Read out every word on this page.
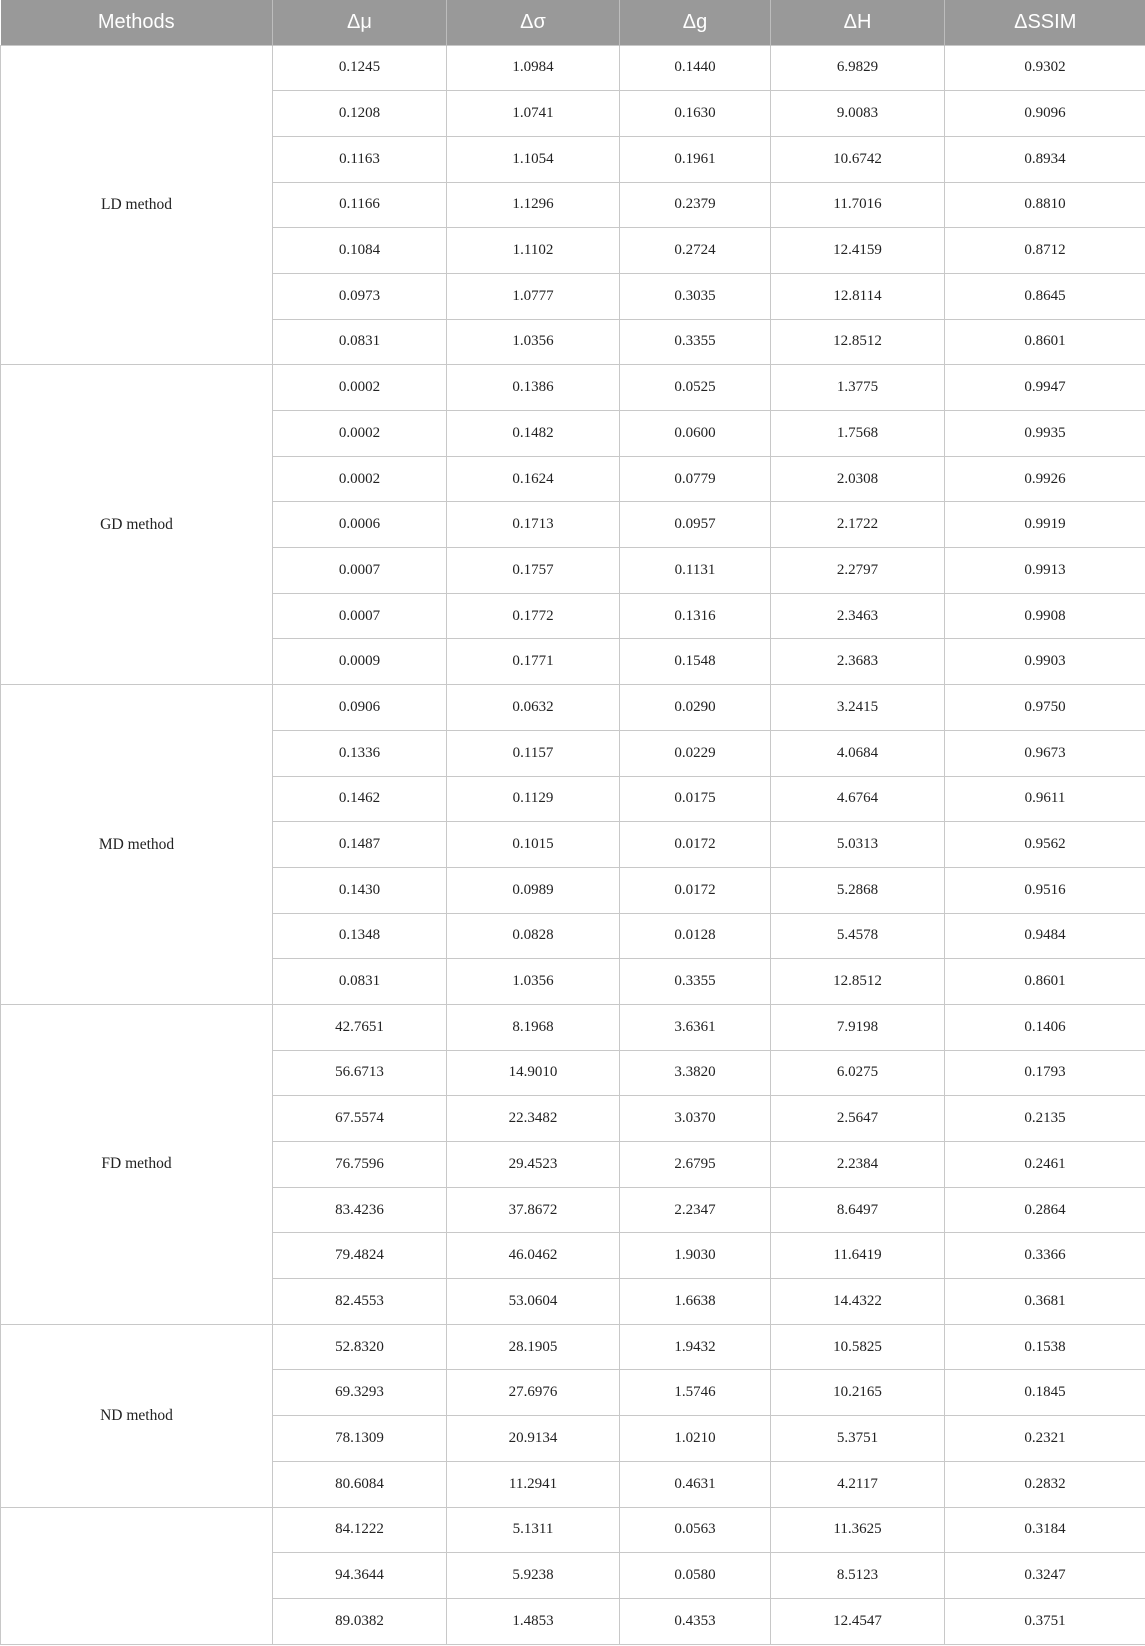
Methods	Δμ	Δσ	Δg	ΔH	ΔSSIM
LD method	0.1245	1.0984	0.1440	6.9829	0.9302
	0.1208	1.0741	0.1630	9.0083	0.9096
	0.1163	1.1054	0.1961	10.6742	0.8934
	0.1166	1.1296	0.2379	11.7016	0.8810
	0.1084	1.1102	0.2724	12.4159	0.8712
	0.0973	1.0777	0.3035	12.8114	0.8645
	0.0831	1.0356	0.3355	12.8512	0.8601
GD method	0.0002	0.1386	0.0525	1.3775	0.9947
	0.0002	0.1482	0.0600	1.7568	0.9935
	0.0002	0.1624	0.0779	2.0308	0.9926
	0.0006	0.1713	0.0957	2.1722	0.9919
	0.0007	0.1757	0.1131	2.2797	0.9913
	0.0007	0.1772	0.1316	2.3463	0.9908
	0.0009	0.1771	0.1548	2.3683	0.9903
MD method	0.0906	0.0632	0.0290	3.2415	0.9750
	0.1336	0.1157	0.0229	4.0684	0.9673
	0.1462	0.1129	0.0175	4.6764	0.9611
	0.1487	0.1015	0.0172	5.0313	0.9562
	0.1430	0.0989	0.0172	5.2868	0.9516
	0.1348	0.0828	0.0128	5.4578	0.9484
	0.0831	1.0356	0.3355	12.8512	0.8601
FD method	42.7651	8.1968	3.6361	7.9198	0.1406
	56.6713	14.9010	3.3820	6.0275	0.1793
	67.5574	22.3482	3.0370	2.5647	0.2135
	76.7596	29.4523	2.6795	2.2384	0.2461
	83.4236	37.8672	2.2347	8.6497	0.2864
	79.4824	46.0462	1.9030	11.6419	0.3366
	82.4553	53.0604	1.6638	14.4322	0.3681
ND method	52.8320	28.1905	1.9432	10.5825	0.1538
	69.3293	27.6976	1.5746	10.2165	0.1845
	78.1309	20.9134	1.0210	5.3751	0.2321
	80.6084	11.2941	0.4631	4.2117	0.2832
	84.1222	5.1311	0.0563	11.3625	0.3184
	94.3644	5.9238	0.0580	8.5123	0.3247
	89.0382	1.4853	0.4353	12.4547	0.3751
